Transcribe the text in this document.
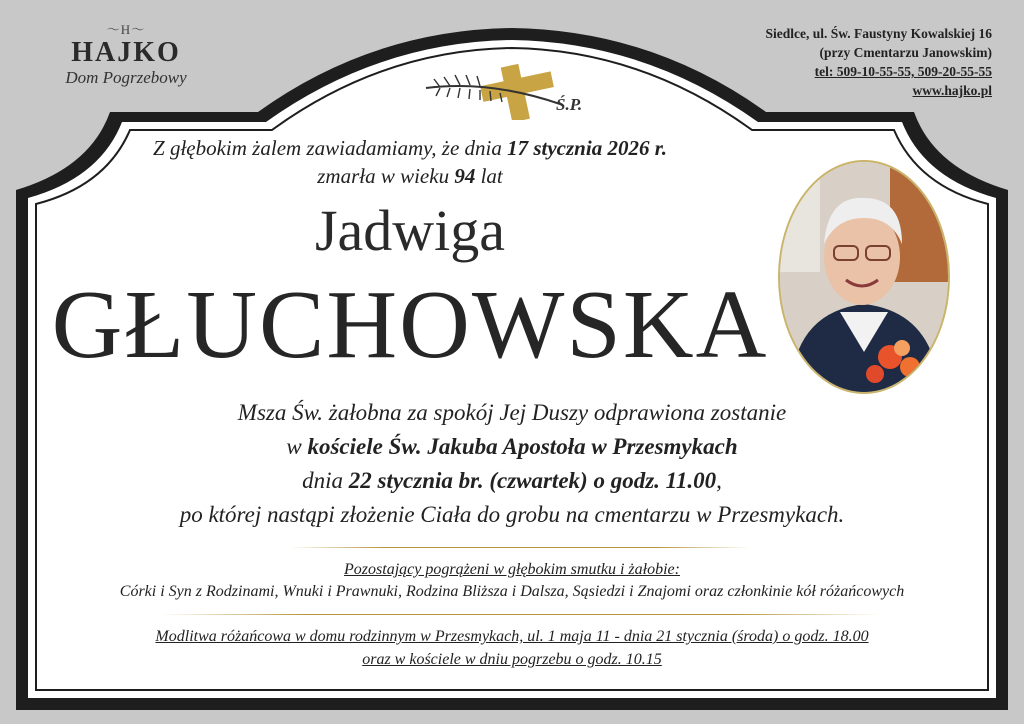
～H～
HAJKO
Dom Pogrzebowy
Siedlce, ul. Św. Faustyny Kowalskiej 16
(przy Cmentarzu Janowskim)
tel: 509-10-55-55, 509-20-55-55
www.hajko.pl
Ś.P.
Z głębokim żalem zawiadamiamy, że dnia 17 stycznia 2026 r.
zmarła w wieku 94 lat
Jadwiga
GŁUCHOWSKA
Msza Św. żałobna za spokój Jej Duszy odprawiona zostanie
w kościele Św. Jakuba Apostoła w Przesmykach
dnia 22 stycznia br. (czwartek) o godz. 11.00,
po której nastąpi złożenie Ciała do grobu na cmentarzu w Przesmykach.
Pozostający pogrążeni w głębokim smutku i żałobie:
Córki i Syn z Rodzinami, Wnuki i Prawnuki, Rodzina Bliższa i Dalsza, Sąsiedzi i Znajomi oraz członkinie kół różańcowych
Modlitwa różańcowa w domu rodzinnym w Przesmykach, ul. 1 maja 11 - dnia 21 stycznia (środa) o godz. 18.00
oraz w kościele w dniu pogrzebu o godz. 10.15
